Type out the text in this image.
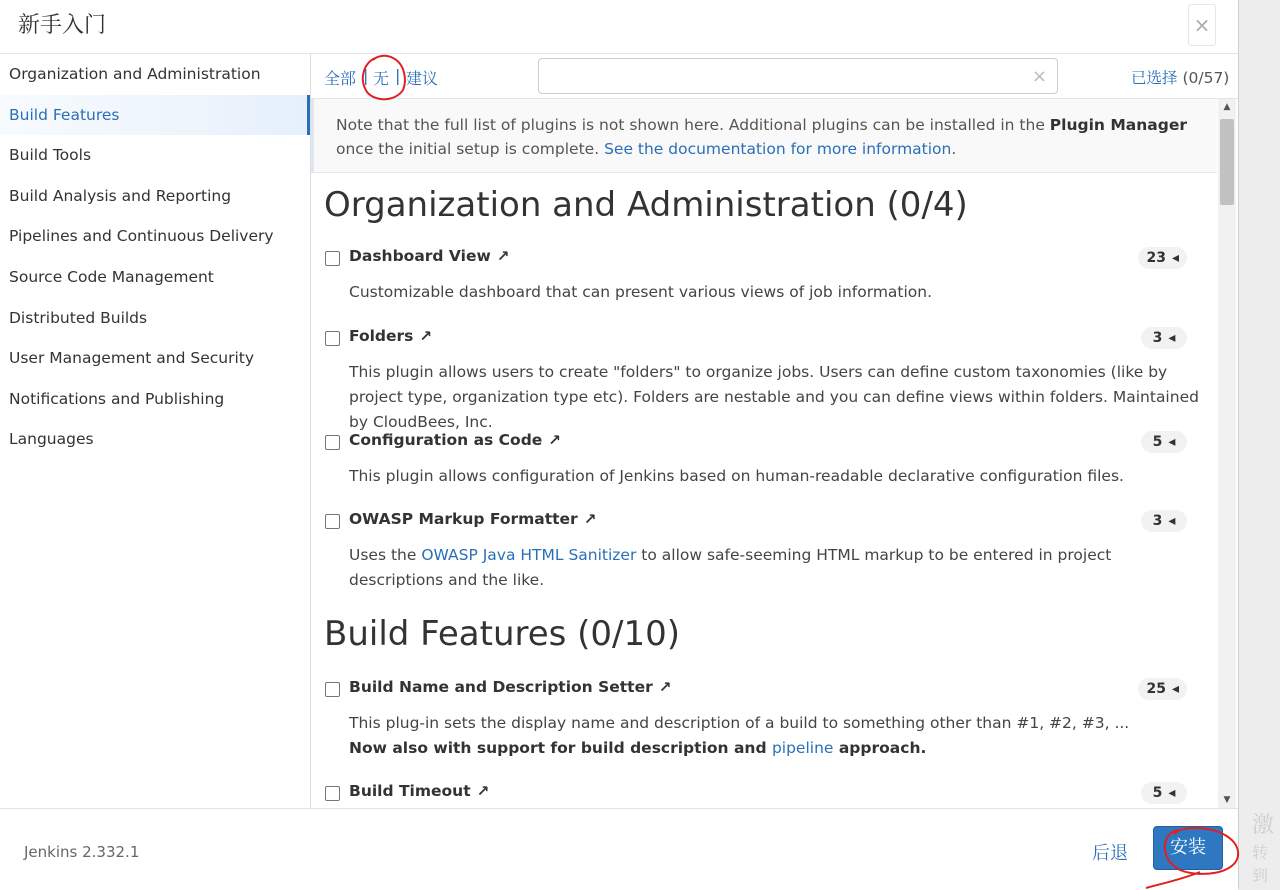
激
转到
新手入门	×
Organization and Administration
Build Features
Build Tools
Build Analysis and Reporting
Pipelines and Continuous Delivery
Source Code Management
Distributed Builds
User Management and Security
Notifications and Publishing
Languages
全部 | 无 | 建议	×	已选择 (0/57)
Note that the full list of plugins is not shown here. Additional plugins can be installed in the Plugin Manager once the initial setup is complete. See the documentation for more information.
Organization and Administration (0/4)
Build Features (0/10)
Dashboard View ↗	23 ◂
Customizable dashboard that can present various views of job information.
Folders ↗	3 ◂
This plugin allows users to create "folders" to organize jobs. Users can define custom taxonomies (like by project type, organization type etc). Folders are nestable and you can define views within folders. Maintained by CloudBees, Inc.
Configuration as Code ↗	5 ◂
This plugin allows configuration of Jenkins based on human-readable declarative configuration files.
OWASP Markup Formatter ↗	3 ◂
Uses the OWASP Java HTML Sanitizer to allow safe-seeming HTML markup to be entered in project descriptions and the like.
Build Name and Description Setter ↗	25 ◂
This plug-in sets the display name and description of a build to something other than #1, #2, #3, ...
Now also with support for build description and pipeline approach.
Build Timeout ↗	5 ◂
▲
▼
Jenkins 2.332.1	后退	安装
